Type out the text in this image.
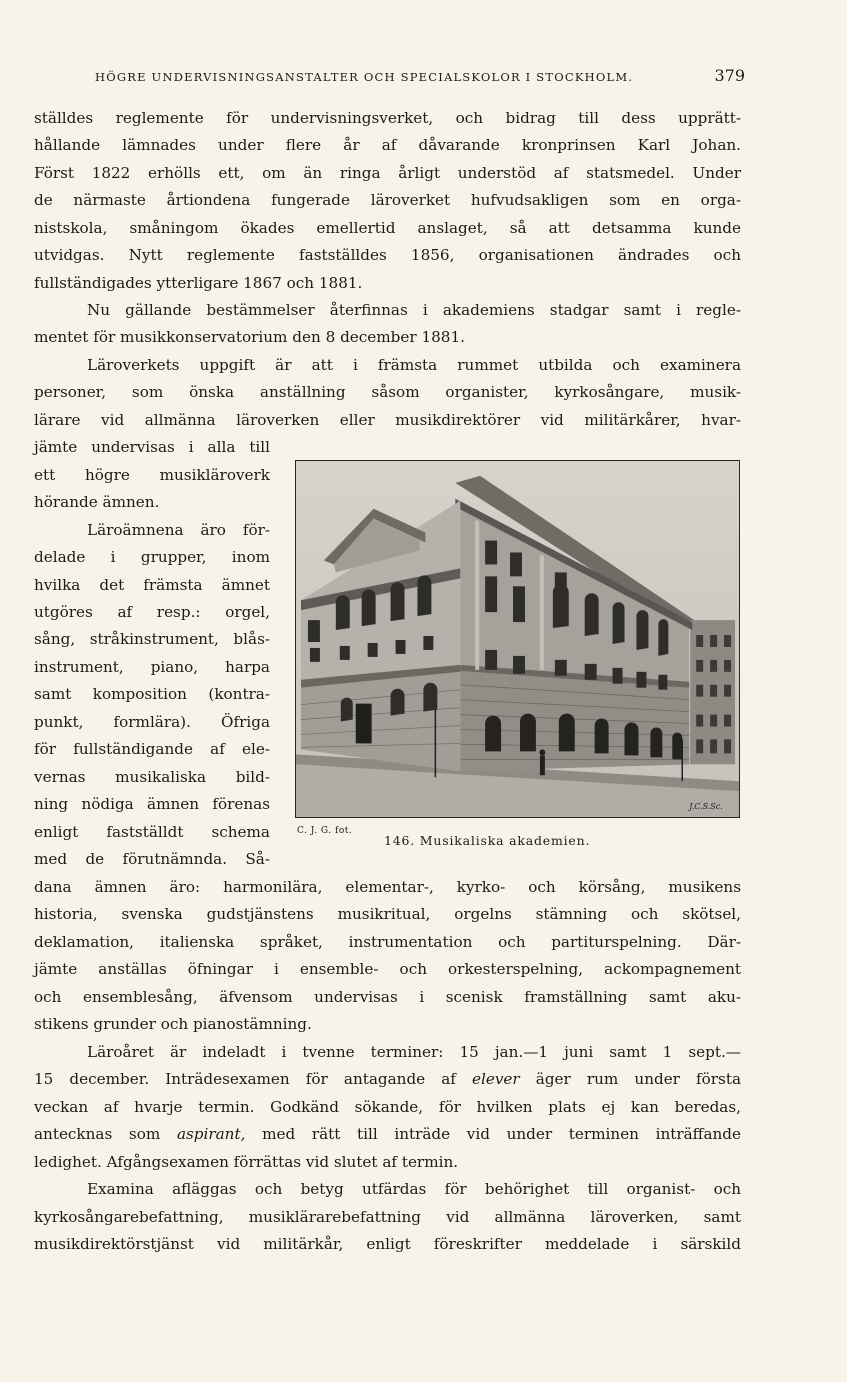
HÖGRE UNDERVISNINGSANSTALTER OCH SPECIALSKOLOR I STOCKHOLM.	379
ställdes reglemente för undervisningsverket, och bidrag till dess upprätt-
hållande lämnades under flere år af dåvarande kronprinsen Karl Johan.
Först 1822 erhölls ett, om än ringa årligt understöd af statsmedel. Under
de närmaste årtiondena fungerade läroverket hufvudsakligen som en orga-
nistskola, småningom ökades emellertid anslaget, så att detsamma kunde
utvidgas. Nytt reglemente fastställdes 1856, organisationen ändrades och
fullständigades ytterligare 1867 och 1881.
Nu gällande bestämmelser återfinnas i akademiens stadgar samt i regle-
mentet för musikkonservatorium den 8 december 1881.
Läroverkets uppgift är att i främsta rummet utbilda och examinera
personer, som önska anställning såsom organister, kyrkosångare, musik-
lärare vid allmänna läroverken eller musikdirektörer vid militärkårer, hvar-
jämte undervisas i alla till
ett högre musikläroverk
hörande ämnen.
Läroämnena äro för-
delade i grupper, inom
hvilka det främsta ämnet
utgöres af resp.: orgel,
sång, stråkinstrument, blås-
instrument, piano, harpa
samt komposition (kontra-
punkt, formlära). Öfriga
för fullständigande af ele-
vernas musikaliska bild-
ning nödiga ämnen förenas
enligt fastställdt schema
med de förutnämnda. Så-
dana ämnen äro: harmonilära, elementar-, kyrko- och körsång, musikens
historia, svenska gudstjänstens musikritual, orgelns stämning och skötsel,
deklamation, italienska språket, instrumentation och partiturspelning. Där-
jämte anställas öfningar i ensemble- och orkesterspelning, ackompagnement
och ensemblesång, äfvensom undervisas i scenisk framställning samt aku-
stikens grunder och pianostämning.
Läroåret är indeladt i tvenne terminer: 15 jan.—1 juni samt 1 sept.—
15 december. Inträdesexamen för antagande af elever äger rum under första
veckan af hvarje termin. Godkänd sökande, för hvilken plats ej kan beredas,
antecknas som aspirant, med rätt till inträde vid under terminen inträffande
ledighet. Afgångsexamen förrättas vid slutet af termin.
Examina afläggas och betyg utfärdas för behörighet till organist- och
kyrkosångarebefattning, musiklärarebefattning vid allmänna läroverken, samt
musikdirektörstjänst vid militärkår, enligt föreskrifter meddelade i särskild
J.C.S.Sc.
C. J. G. fot.
146. Musikaliska akademien.
